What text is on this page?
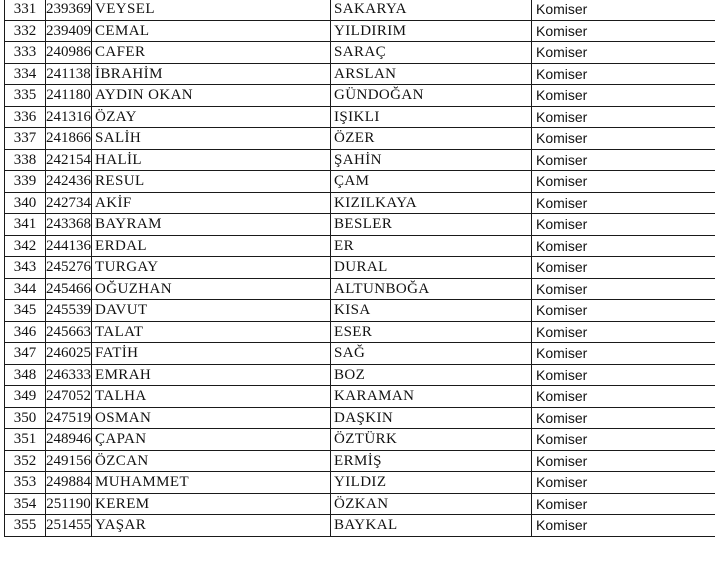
331	239369	VEYSEL	SAKARYA	Komiser
332	239409	CEMAL	YILDIRIM	Komiser
333	240986	CAFER	SARAÇ	Komiser
334	241138	İBRAHİM	ARSLAN	Komiser
335	241180	AYDIN OKAN	GÜNDOĞAN	Komiser
336	241316	ÖZAY	IŞIKLI	Komiser
337	241866	SALİH	ÖZER	Komiser
338	242154	HALİL	ŞAHİN	Komiser
339	242436	RESUL	ÇAM	Komiser
340	242734	AKİF	KIZILKAYA	Komiser
341	243368	BAYRAM	BESLER	Komiser
342	244136	ERDAL	ER	Komiser
343	245276	TURGAY	DURAL	Komiser
344	245466	OĞUZHAN	ALTUNBOĞA	Komiser
345	245539	DAVUT	KISA	Komiser
346	245663	TALAT	ESER	Komiser
347	246025	FATİH	SAĞ	Komiser
348	246333	EMRAH	BOZ	Komiser
349	247052	TALHA	KARAMAN	Komiser
350	247519	OSMAN	DAŞKIN	Komiser
351	248946	ÇAPAN	ÖZTÜRK	Komiser
352	249156	ÖZCAN	ERMİŞ	Komiser
353	249884	MUHAMMET	YILDIZ	Komiser
354	251190	KEREM	ÖZKAN	Komiser
355	251455	YAŞAR	BAYKAL	Komiser
